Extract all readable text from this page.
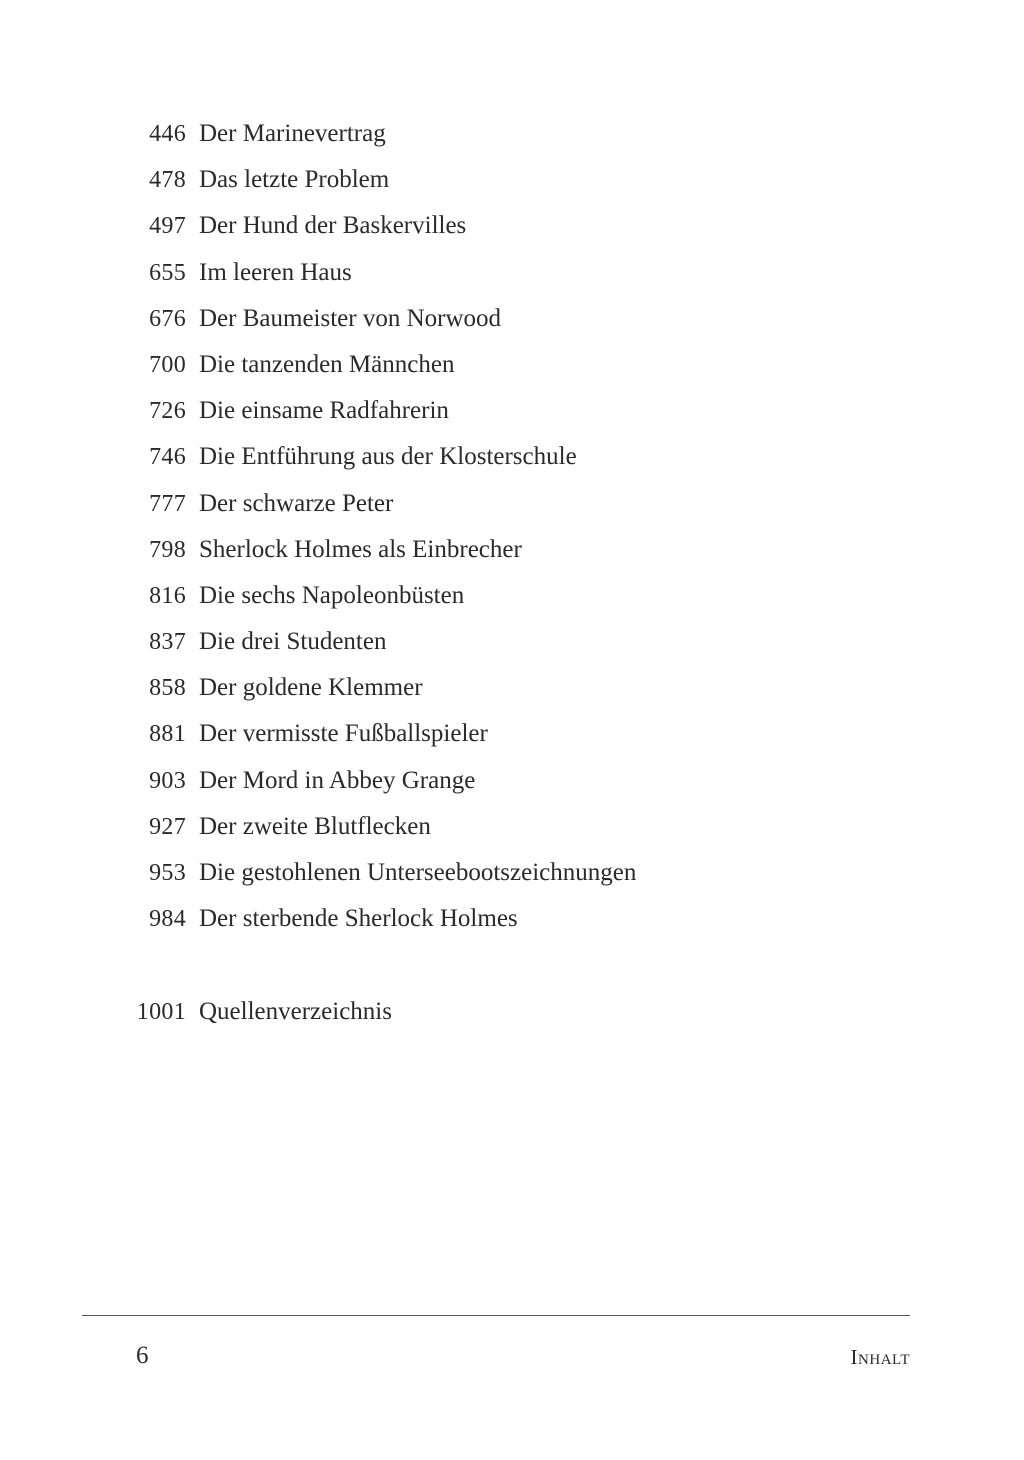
446 Der Marinevertrag
478 Das letzte Problem
497 Der Hund der Baskervilles
655 Im leeren Haus
676 Der Baumeister von Norwood
700 Die tanzenden Männchen
726 Die einsame Radfahrerin
746 Die Entführung aus der Klosterschule
777 Der schwarze Peter
798 Sherlock Holmes als Einbrecher
816 Die sechs Napoleonbüsten
837 Die drei Studenten
858 Der goldene Klemmer
881 Der vermisste Fußballspieler
903 Der Mord in Abbey Grange
927 Der zweite Blutflecken
953 Die gestohlenen Unterseebootszeichnungen
984 Der sterbende Sherlock Holmes
1001 Quellenverzeichnis
6	Inhalt
